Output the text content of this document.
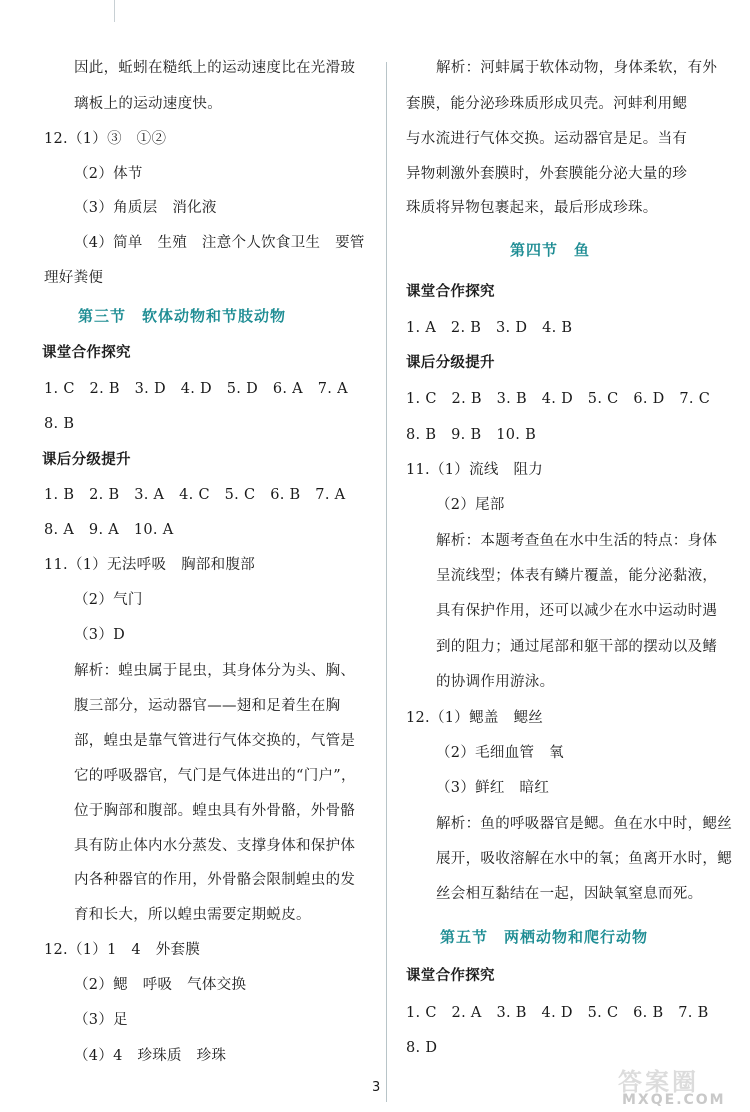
因此，蚯蚓在糙纸上的运动速度比在光滑玻
璃板上的运动速度快。
12.（1）③　①②
（2）体节
（3）角质层　消化液
（4）简单　生殖　注意个人饮食卫生　要管
理好粪便
第三节　软体动物和节肢动物
课堂合作探究
1. C　2. B　3. D　4. D　5. D　6. A　7. A
8. B
课后分级提升
1. B　2. B　3. A　4. C　5. C　6. B　7. A
8. A　9. A　10. A
11.（1）无法呼吸　胸部和腹部
（2）气门
（3）D
解析：蝗虫属于昆虫，其身体分为头、胸、
腹三部分，运动器官——翅和足着生在胸
部，蝗虫是靠气管进行气体交换的，气管是
它的呼吸器官，气门是气体进出的“门户”，
位于胸部和腹部。蝗虫具有外骨骼，外骨骼
具有防止体内水分蒸发、支撑身体和保护体
内各种器官的作用，外骨骼会限制蝗虫的发
育和长大，所以蝗虫需要定期蜕皮。
12.（1）1　4　外套膜
（2）鳃　呼吸　气体交换
（3）足
（4）4　珍珠质　珍珠
解析：河蚌属于软体动物，身体柔软，有外
套膜，能分泌珍珠质形成贝壳。河蚌利用鳃
与水流进行气体交换。运动器官是足。当有
异物刺激外套膜时，外套膜能分泌大量的珍
珠质将异物包裹起来，最后形成珍珠。
第四节　鱼
课堂合作探究
1. A　2. B　3. D　4. B
课后分级提升
1. C　2. B　3. B　4. D　5. C　6. D　7. C
8. B　9. B　10. B
11.（1）流线　阻力
（2）尾部
解析：本题考查鱼在水中生活的特点：身体
呈流线型；体表有鳞片覆盖，能分泌黏液，
具有保护作用，还可以减少在水中运动时遇
到的阻力；通过尾部和躯干部的摆动以及鳍
的协调作用游泳。
12.（1）鳃盖　鳃丝
（2）毛细血管　氧
（3）鲜红　暗红
解析：鱼的呼吸器官是鳃。鱼在水中时，鳃丝
展开，吸收溶解在水中的氧；鱼离开水时，鳃
丝会相互黏结在一起，因缺氧窒息而死。
第五节　两栖动物和爬行动物
课堂合作探究
1. C　2. A　3. B　4. D　5. C　6. B　7. B
8. D
3	答案圈
MXQE.COM
